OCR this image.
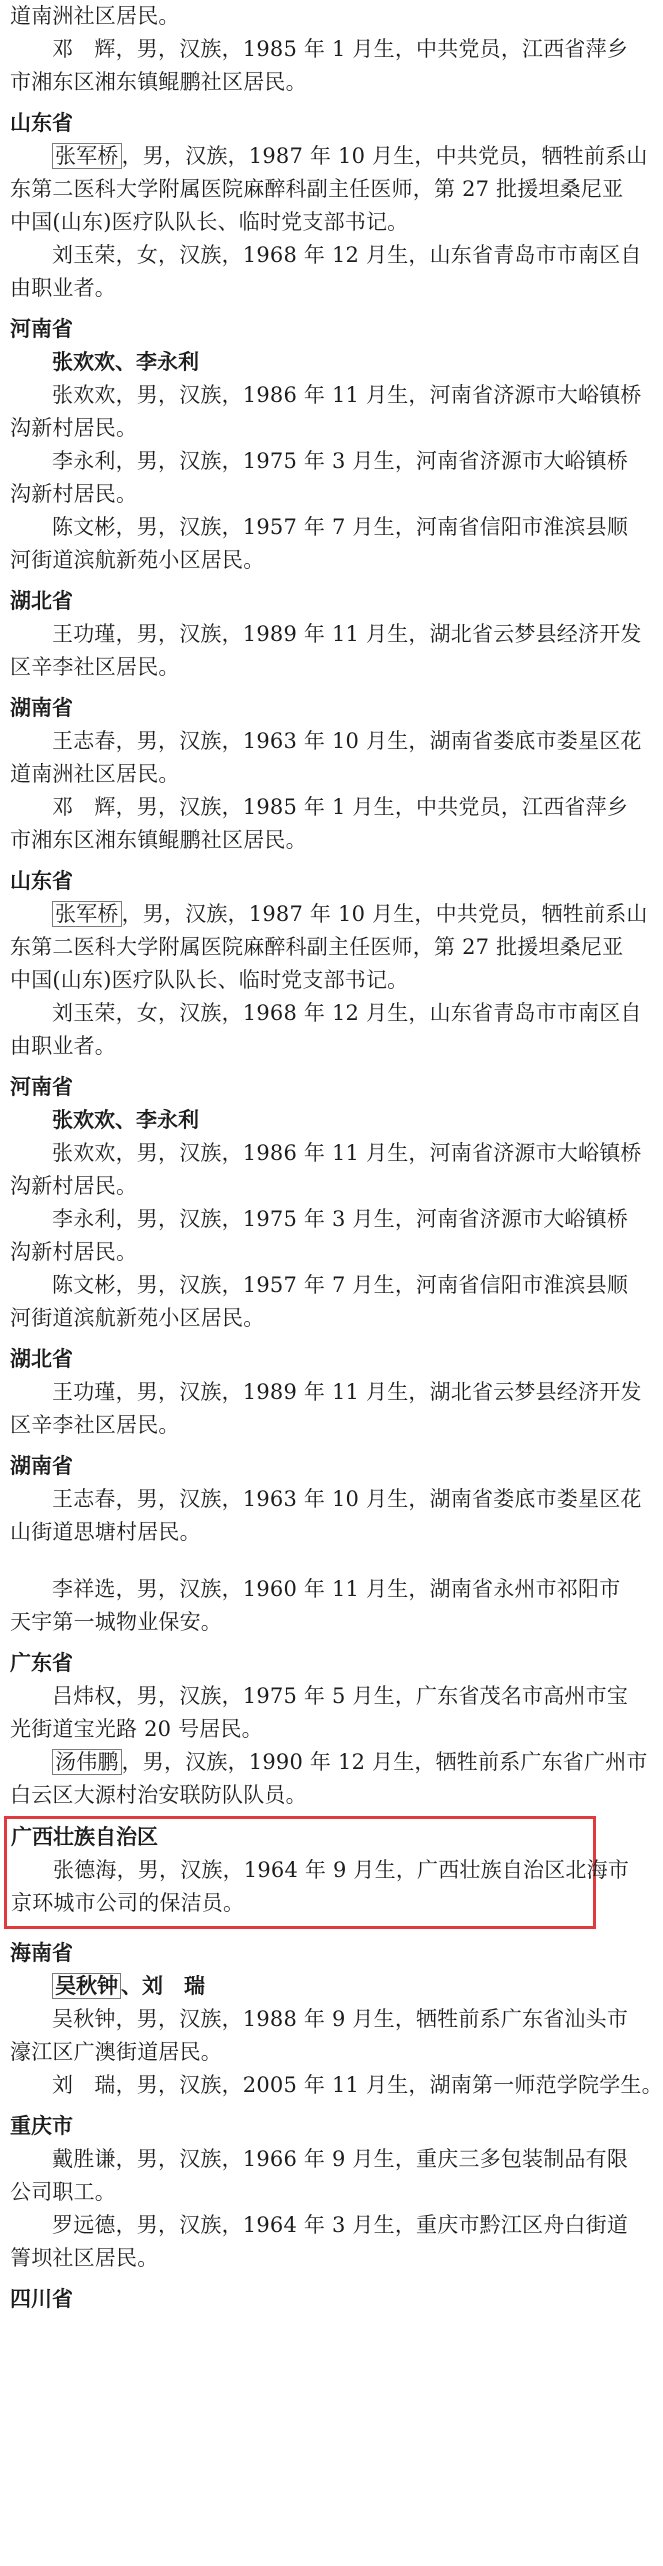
道南洲社区居民。
邓　辉，男，汉族，1985 年 1 月生，中共党员，江西省萍乡
市湘东区湘东镇鲲鹏社区居民。
山东省
张军桥 ，男，汉族，1987 年 10 月生，中共党员，牺牲前系山
东第二医科大学附属医院麻醉科副主任医师，第 27 批援坦桑尼亚
中国(山东)医疗队队长、临时党支部书记。
刘玉荣，女，汉族，1968 年 12 月生，山东省青岛市市南区自
由职业者。
河南省
张欢欢、李永利
张欢欢，男，汉族，1986 年 11 月生，河南省济源市大峪镇桥
沟新村居民。
李永利，男，汉族，1975 年 3 月生，河南省济源市大峪镇桥
沟新村居民。
陈文彬，男，汉族，1957 年 7 月生，河南省信阳市淮滨县顺
河街道滨航新苑小区居民。
湖北省
王功瑾，男，汉族，1989 年 11 月生，湖北省云梦县经济开发
区辛李社区居民。
湖南省
王志春，男，汉族，1963 年 10 月生，湖南省娄底市娄星区花
道南洲社区居民。
邓　辉，男，汉族，1985 年 1 月生，中共党员，江西省萍乡
市湘东区湘东镇鲲鹏社区居民。
山东省
张军桥 ，男，汉族，1987 年 10 月生，中共党员，牺牲前系山
东第二医科大学附属医院麻醉科副主任医师，第 27 批援坦桑尼亚
中国(山东)医疗队队长、临时党支部书记。
刘玉荣，女，汉族，1968 年 12 月生，山东省青岛市市南区自
由职业者。
河南省
张欢欢、李永利
张欢欢，男，汉族，1986 年 11 月生，河南省济源市大峪镇桥
沟新村居民。
李永利，男，汉族，1975 年 3 月生，河南省济源市大峪镇桥
沟新村居民。
陈文彬，男，汉族，1957 年 7 月生，河南省信阳市淮滨县顺
河街道滨航新苑小区居民。
湖北省
王功瑾，男，汉族，1989 年 11 月生，湖北省云梦县经济开发
区辛李社区居民。
湖南省
王志春，男，汉族，1963 年 10 月生，湖南省娄底市娄星区花
山街道思塘村居民。
李祥选，男，汉族，1960 年 11 月生，湖南省永州市祁阳市
天宇第一城物业保安。
广东省
吕炜权，男，汉族，1975 年 5 月生，广东省茂名市高州市宝
光街道宝光路 20 号居民。
汤伟鹏 ，男，汉族，1990 年 12 月生，牺牲前系广东省广州市
白云区大源村治安联防队队员。
广西壮族自治区
张德海，男，汉族，1964 年 9 月生，广西壮族自治区北海市
京环城市公司的保洁员。
海南省
吴秋钟 、刘　瑞
吴秋钟，男，汉族，1988 年 9 月生，牺牲前系广东省汕头市
濠江区广澳街道居民。
刘　瑞，男，汉族，2005 年 11 月生，湖南第一师范学院学生。
重庆市
戴胜谦，男，汉族，1966 年 9 月生，重庆三多包装制品有限
公司职工。
罗远德，男，汉族，1964 年 3 月生，重庆市黔江区舟白街道
箐坝社区居民。
四川省
